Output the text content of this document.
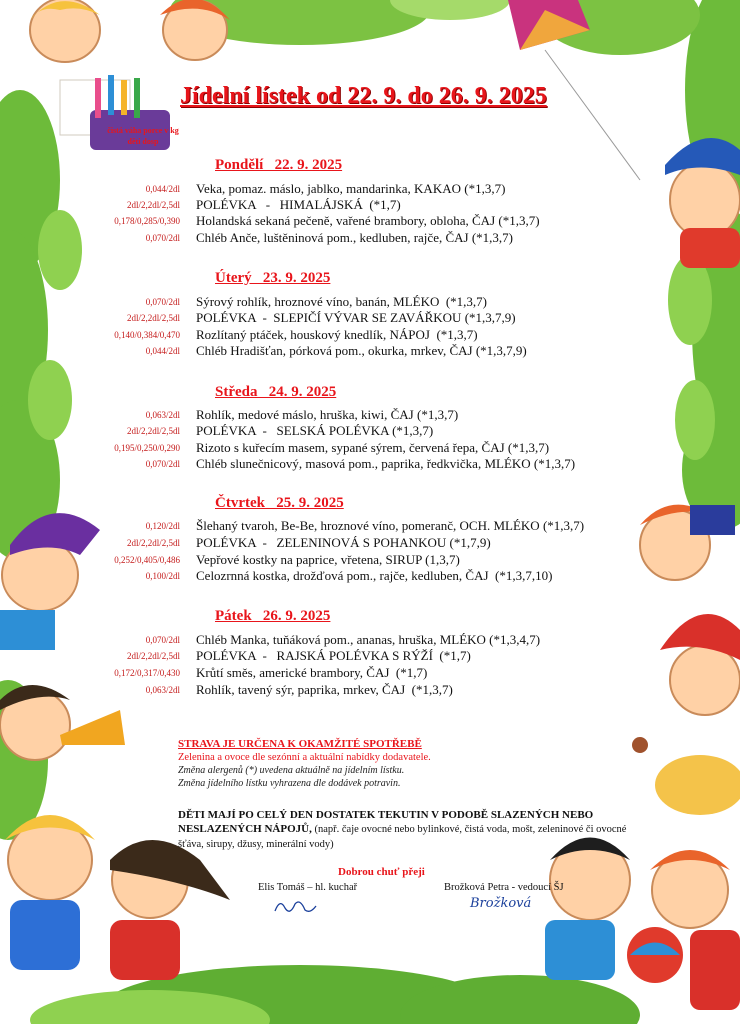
Jídelní lístek od 22. 9. do 26. 9. 2025
čistá váha porce v kg
děti dosp
Pondělí   22. 9. 2025
0,044/2dl Veka, pomaz. máslo, jablko, mandarinka, KAKAO (*1,3,7)
2dl/2,2dl/2,5dl POLÉVKA   -   HIMALÁJSKÁ  (*1,7)
0,178/0,285/0,390 Holandská sekaná pečeně, vařené brambory, obloha, ČAJ (*1,3,7)
0,070/2dl Chléb Anče, luštěninová pom., kedluben, rajče, ČAJ (*1,3,7)
Úterý   23. 9. 2025
0,070/2dl Sýrový rohlík, hroznové víno, banán, MLÉKO  (*1,3,7)
2dl/2,2dl/2,5dl POLÉVKA  -  SLEPIČÍ VÝVAR SE ZAVÁŘKOU (*1,3,7,9)
0,140/0,384/0,470 Rozlítaný ptáček, houskový knedlík, NÁPOJ  (*1,3,7)
0,044/2dl Chléb Hradišťan, pórková pom., okurka, mrkev, ČAJ (*1,3,7,9)
Středa   24. 9. 2025
0,063/2dl Rohlík, medové máslo, hruška, kiwi, ČAJ (*1,3,7)
2dl/2,2dl/2,5dl POLÉVKA  -   SELSKÁ POLÉVKA (*1,3,7)
0,195/0,250/0,290 Rizoto s kuřecím masem, sypané sýrem, červená řepa, ČAJ (*1,3,7)
0,070/2dl Chléb slunečnicový, masová pom., paprika, ředkvička, MLÉKO (*1,3,7)
Čtvrtek   25. 9. 2025
0,120/2dl Šlehaný tvaroh, Be-Be, hroznové víno, pomeranč, OCH. MLÉKO (*1,3,7)
2dl/2,2dl/2,5dl POLÉVKA  -   ZELENINOVÁ S POHANKOU (*1,7,9)
0,252/0,405/0,486 Vepřové kostky na paprice, vřetena, SIRUP (1,3,7)
0,100/2dl Celozrnná kostka, drožďová pom., rajče, kedluben, ČAJ  (*1,3,7,10)
Pátek   26. 9. 2025
0,070/2dl Chléb Manka, tuňáková pom., ananas, hruška, MLÉKO (*1,3,4,7)
2dl/2,2dl/2,5dl POLÉVKA  -   RAJSKÁ POLÉVKA S RÝŽÍ  (*1,7)
0,172/0,317/0,430 Krůtí směs, americké brambory, ČAJ  (*1,7)
0,063/2dl Rohlík, tavený sýr, paprika, mrkev, ČAJ  (*1,3,7)
STRAVA JE URČENA K OKAMŽITÉ SPOTŘEBĚ
Zelenina a ovoce dle sezónní a aktuální nabídky dodavatele.
Změna alergenů (*) uvedena aktuálně na jídelním lístku.
Změna jídelního lístku vyhrazena dle dodávek potravin.
DĚTI MAJÍ PO CELÝ DEN DOSTATEK TEKUTIN V PODOBĚ SLAZENÝCH NEBO NESLAZENÝCH NÁPOJŮ, (např. čaje ovocné nebo bylinkové, čistá voda, mošt, zeleninové či ovocné šťáva, sirupy, džusy, minerální vody)
Dobrou chuť přeji
Elis Tomáš – hl. kuchař	Brožková Petra - vedoucí ŠJ
Brožková
